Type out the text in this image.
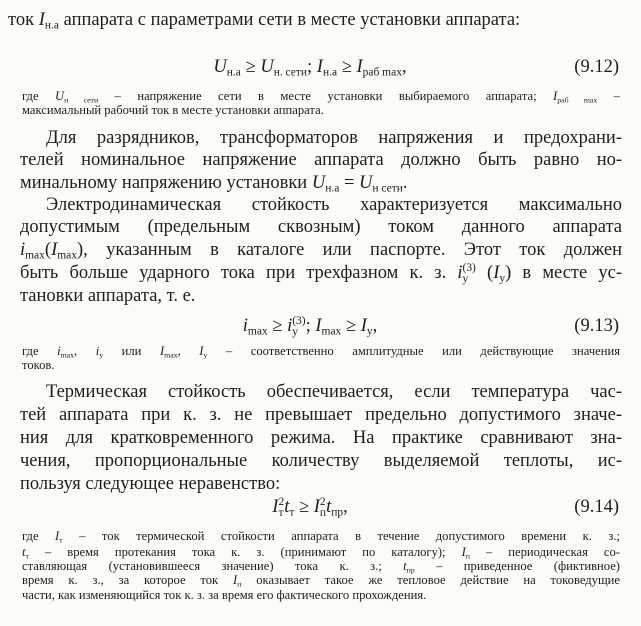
ток $I_{н.а}$ аппарата с параметрами сети в месте установки аппарата:
$U_{н.а} \ge U_{н. сети}$; $I_{н.а} \ge I_{раб max}$,	(9.12)
где $U_{н сети}$ – напряжение сети в месте установки выбираемого аппарата; $I_{раб max}$ –
максимальный рабочий ток в месте установки аппарата.
Для разрядников, трансформаторов напряжения и предохрани-
телей номинальное напряжение аппарата должно быть равно но-
минальному напряжению установки $U_{н.а} = U_{н сети}$.
Электродинамическая стойкость характеризуется максимально
допустимым (предельным сквозным) током данного аппарата
$i_{max}(I_{max})$, указанным в каталоге или паспорте. Этот ток должен
быть больше ударного тока при трехфазном к. з. i (3)
y $(I_y)$ в месте ус-
тановки аппарата, т. е.
$i_{max} \ge i$ (3)
y ; $I_{max} \ge I_y$,	(9.13)
где $i_{max}$, $i_y$ или $I_{max}$, $I_y$ – соответственно амплитудные или действующие значения
токов.
Термическая стойкость обеспечивается, если температура час-
тей аппарата при к. з. не превышает предельно допустимого значе-
ния для кратковременного режима. На практике сравнивают зна-
чения, пропорциональные количеству выделяемой теплоты, ис-
пользуя следующее неравенство:
I 2
т $t_т \ge I$ 2
п $t_{пр}$,	(9.14)
где $I_т$ – ток термической стойкости аппарата в течение допустимого времени к. з.;
$t_т$ – время протекания тока к. з. (принимают по каталогу); $I_п$ – периодическая со-
ставляющая (установившееся значение) тока к. з.; $t_{пр}$ – приведенное (фиктивное)
время к. з., за которое ток $I_п$ оказывает такое же тепловое действие на токоведущие
части, как изменяющийся ток к. з. за время его фактического прохождения.
